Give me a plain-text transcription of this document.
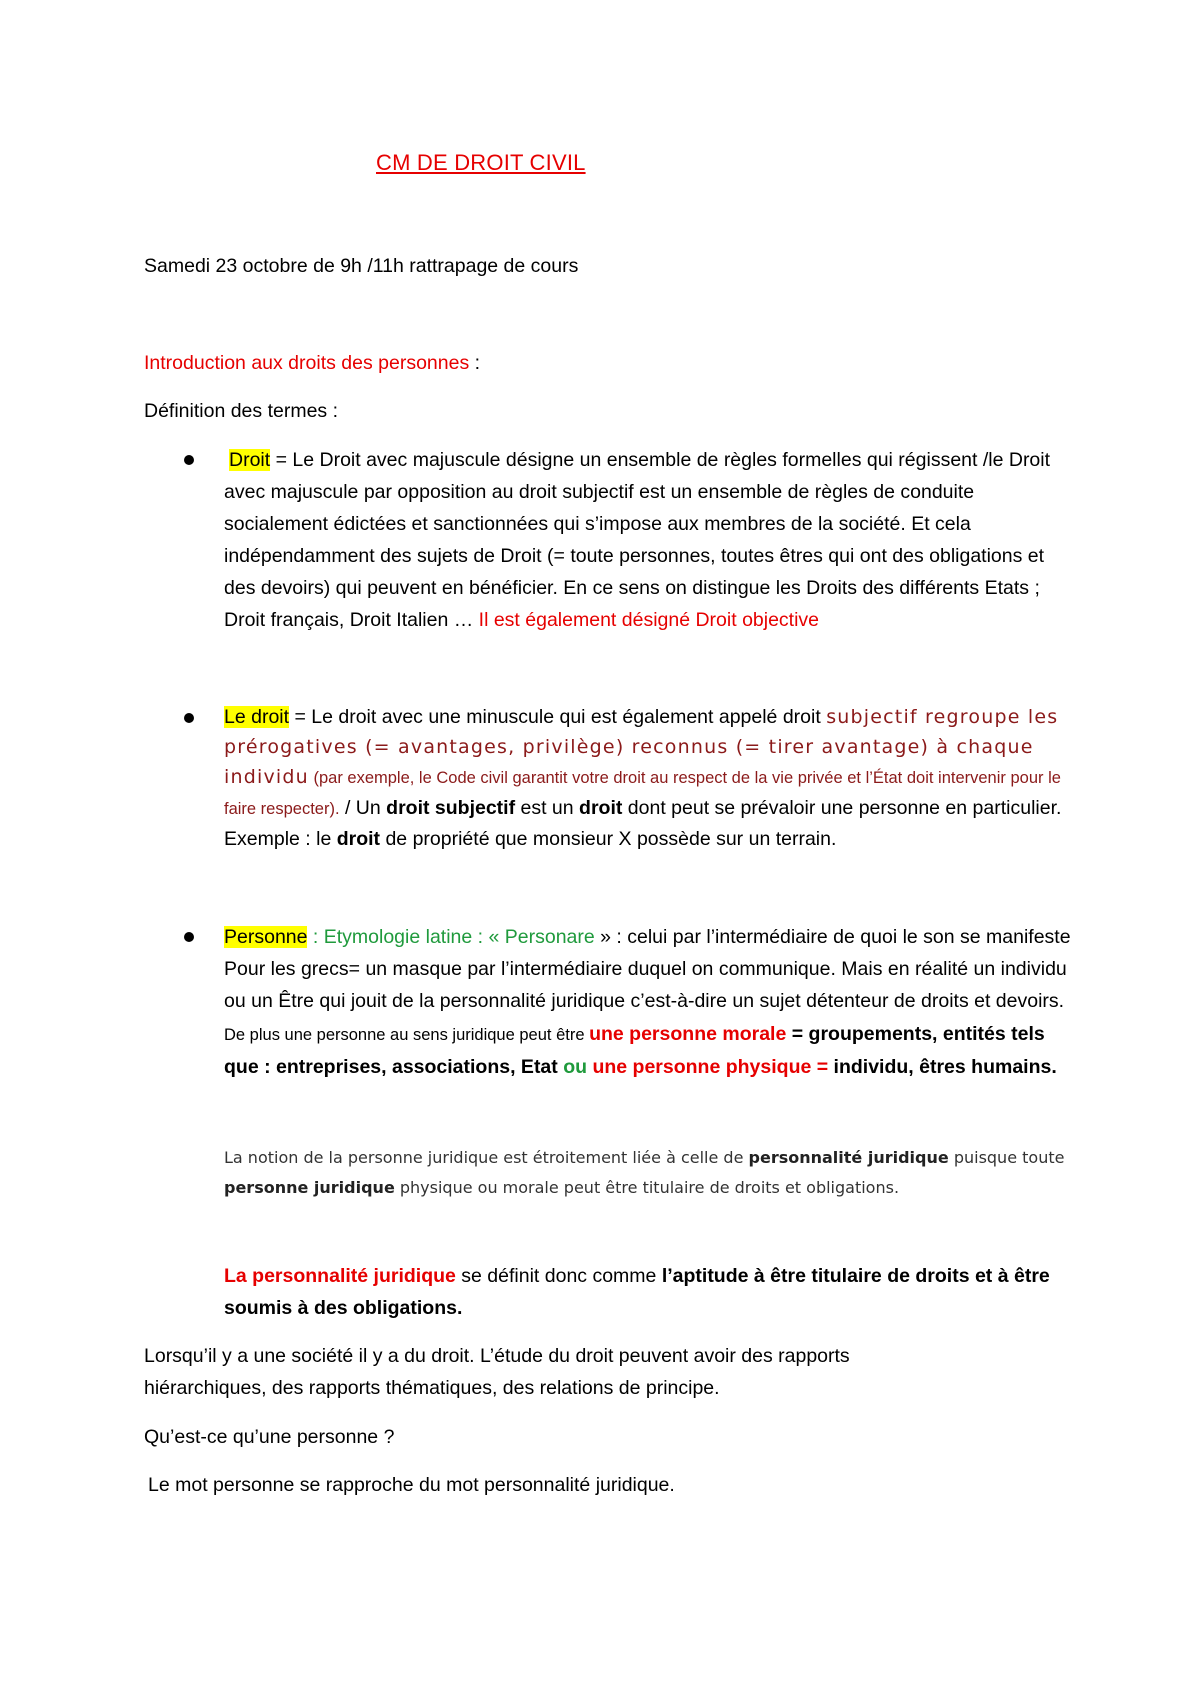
CM DE DROIT CIVIL
Samedi 23 octobre de 9h /11h rattrapage de cours
Introduction aux droits des personnes :
Définition des termes :
Droit = Le Droit avec majuscule désigne un ensemble de règles formelles qui régissent /le Droit avec majuscule par opposition au droit subjectif est un ensemble de règles de conduite socialement édictées et sanctionnées qui s’impose aux membres de la société. Et cela indépendamment des sujets de Droit (= toute personnes, toutes êtres qui ont des obligations et des devoirs) qui peuvent en bénéficier. En ce sens on distingue les Droits des différents Etats ; Droit français, Droit Italien … Il est également désigné Droit objective
Le droit = Le droit avec une minuscule qui est également appelé droit subjectif regroupe les prérogatives (= avantages, privilège) reconnus (= tirer avantage) à chaque individu (par exemple, le Code civil garantit votre droit au respect de la vie privée et l’État doit intervenir pour le faire respecter). / Un droit subjectif est un droit dont peut se prévaloir une personne en particulier. Exemple : le droit de propriété que monsieur X possède sur un terrain.
Personne : Etymologie latine : « Personare » : celui par l’intermédiaire de quoi le son se manifeste Pour les grecs= un masque par l’intermédiaire duquel on communique. Mais en réalité un individu ou un Être qui jouit de la personnalité juridique c’est-à-dire un sujet détenteur de droits et devoirs. De plus une personne au sens juridique peut être une personne morale = groupements, entités tels que : entreprises, associations, Etat ou une personne physique = individu, êtres humains.
La notion de la personne juridique est étroitement liée à celle de personnalité juridique puisque toute personne juridique physique ou morale peut être titulaire de droits et obligations.
La personnalité juridique se définit donc comme l’aptitude à être titulaire de droits et à être soumis à des obligations.
Lorsqu’il y a une société il y a du droit. L’étude du droit peuvent avoir des rapports hiérarchiques, des rapports thématiques, des relations de principe.
Qu’est-ce qu’une personne ?
Le mot personne se rapproche du mot personnalité juridique.
